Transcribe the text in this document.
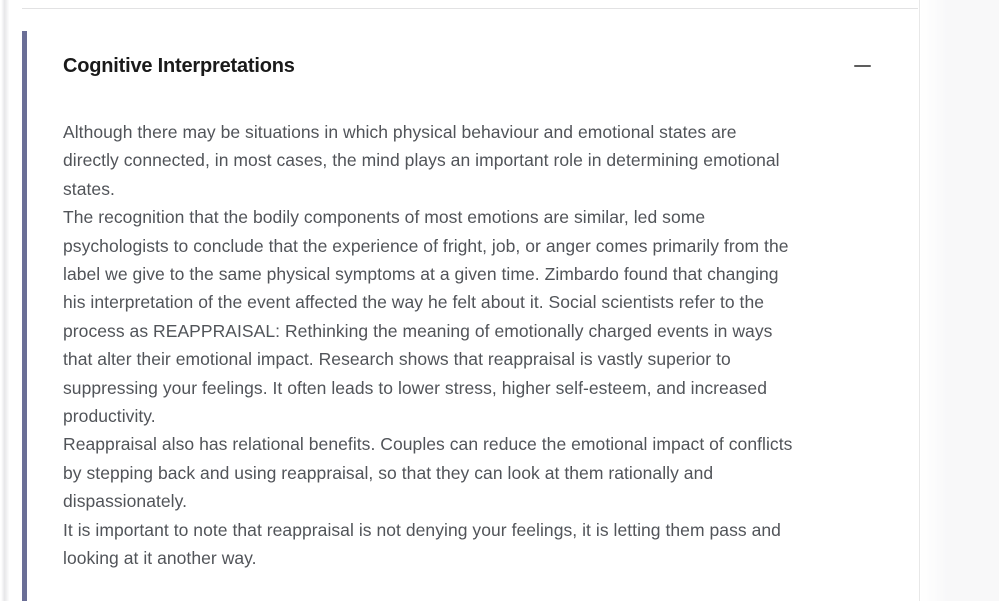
Cognitive Interpretations

Although there may be situations in which physical behaviour and emotional states are
directly connected, in most cases, the mind plays an important role in determining emotional
states.

The recognition that the bodily components of most emotions are similar, led some
psychologists to conclude that the experience of fright, job, or anger comes primarily from the
label we give to the same physical symptoms at a given time. Zimbardo found that changing
his interpretation of the event affected the way he felt about it. Social scientists refer to the
process as REAPPRAISAL: Rethinking the meaning of emotionally charged events in ways
that alter their emotional impact. Research shows that reappraisal is vastly superior to
suppressing your feelings. It often leads to lower stress, higher self-esteem, and increased
productivity.

Reappraisal also has relational benefits. Couples can reduce the emotional impact of conflicts
by stepping back and using reappraisal, so that they can look at them rationally and
dispassionately.

It is important to note that reappraisal is not denying your feelings, it is letting them pass and
looking at it another way.
